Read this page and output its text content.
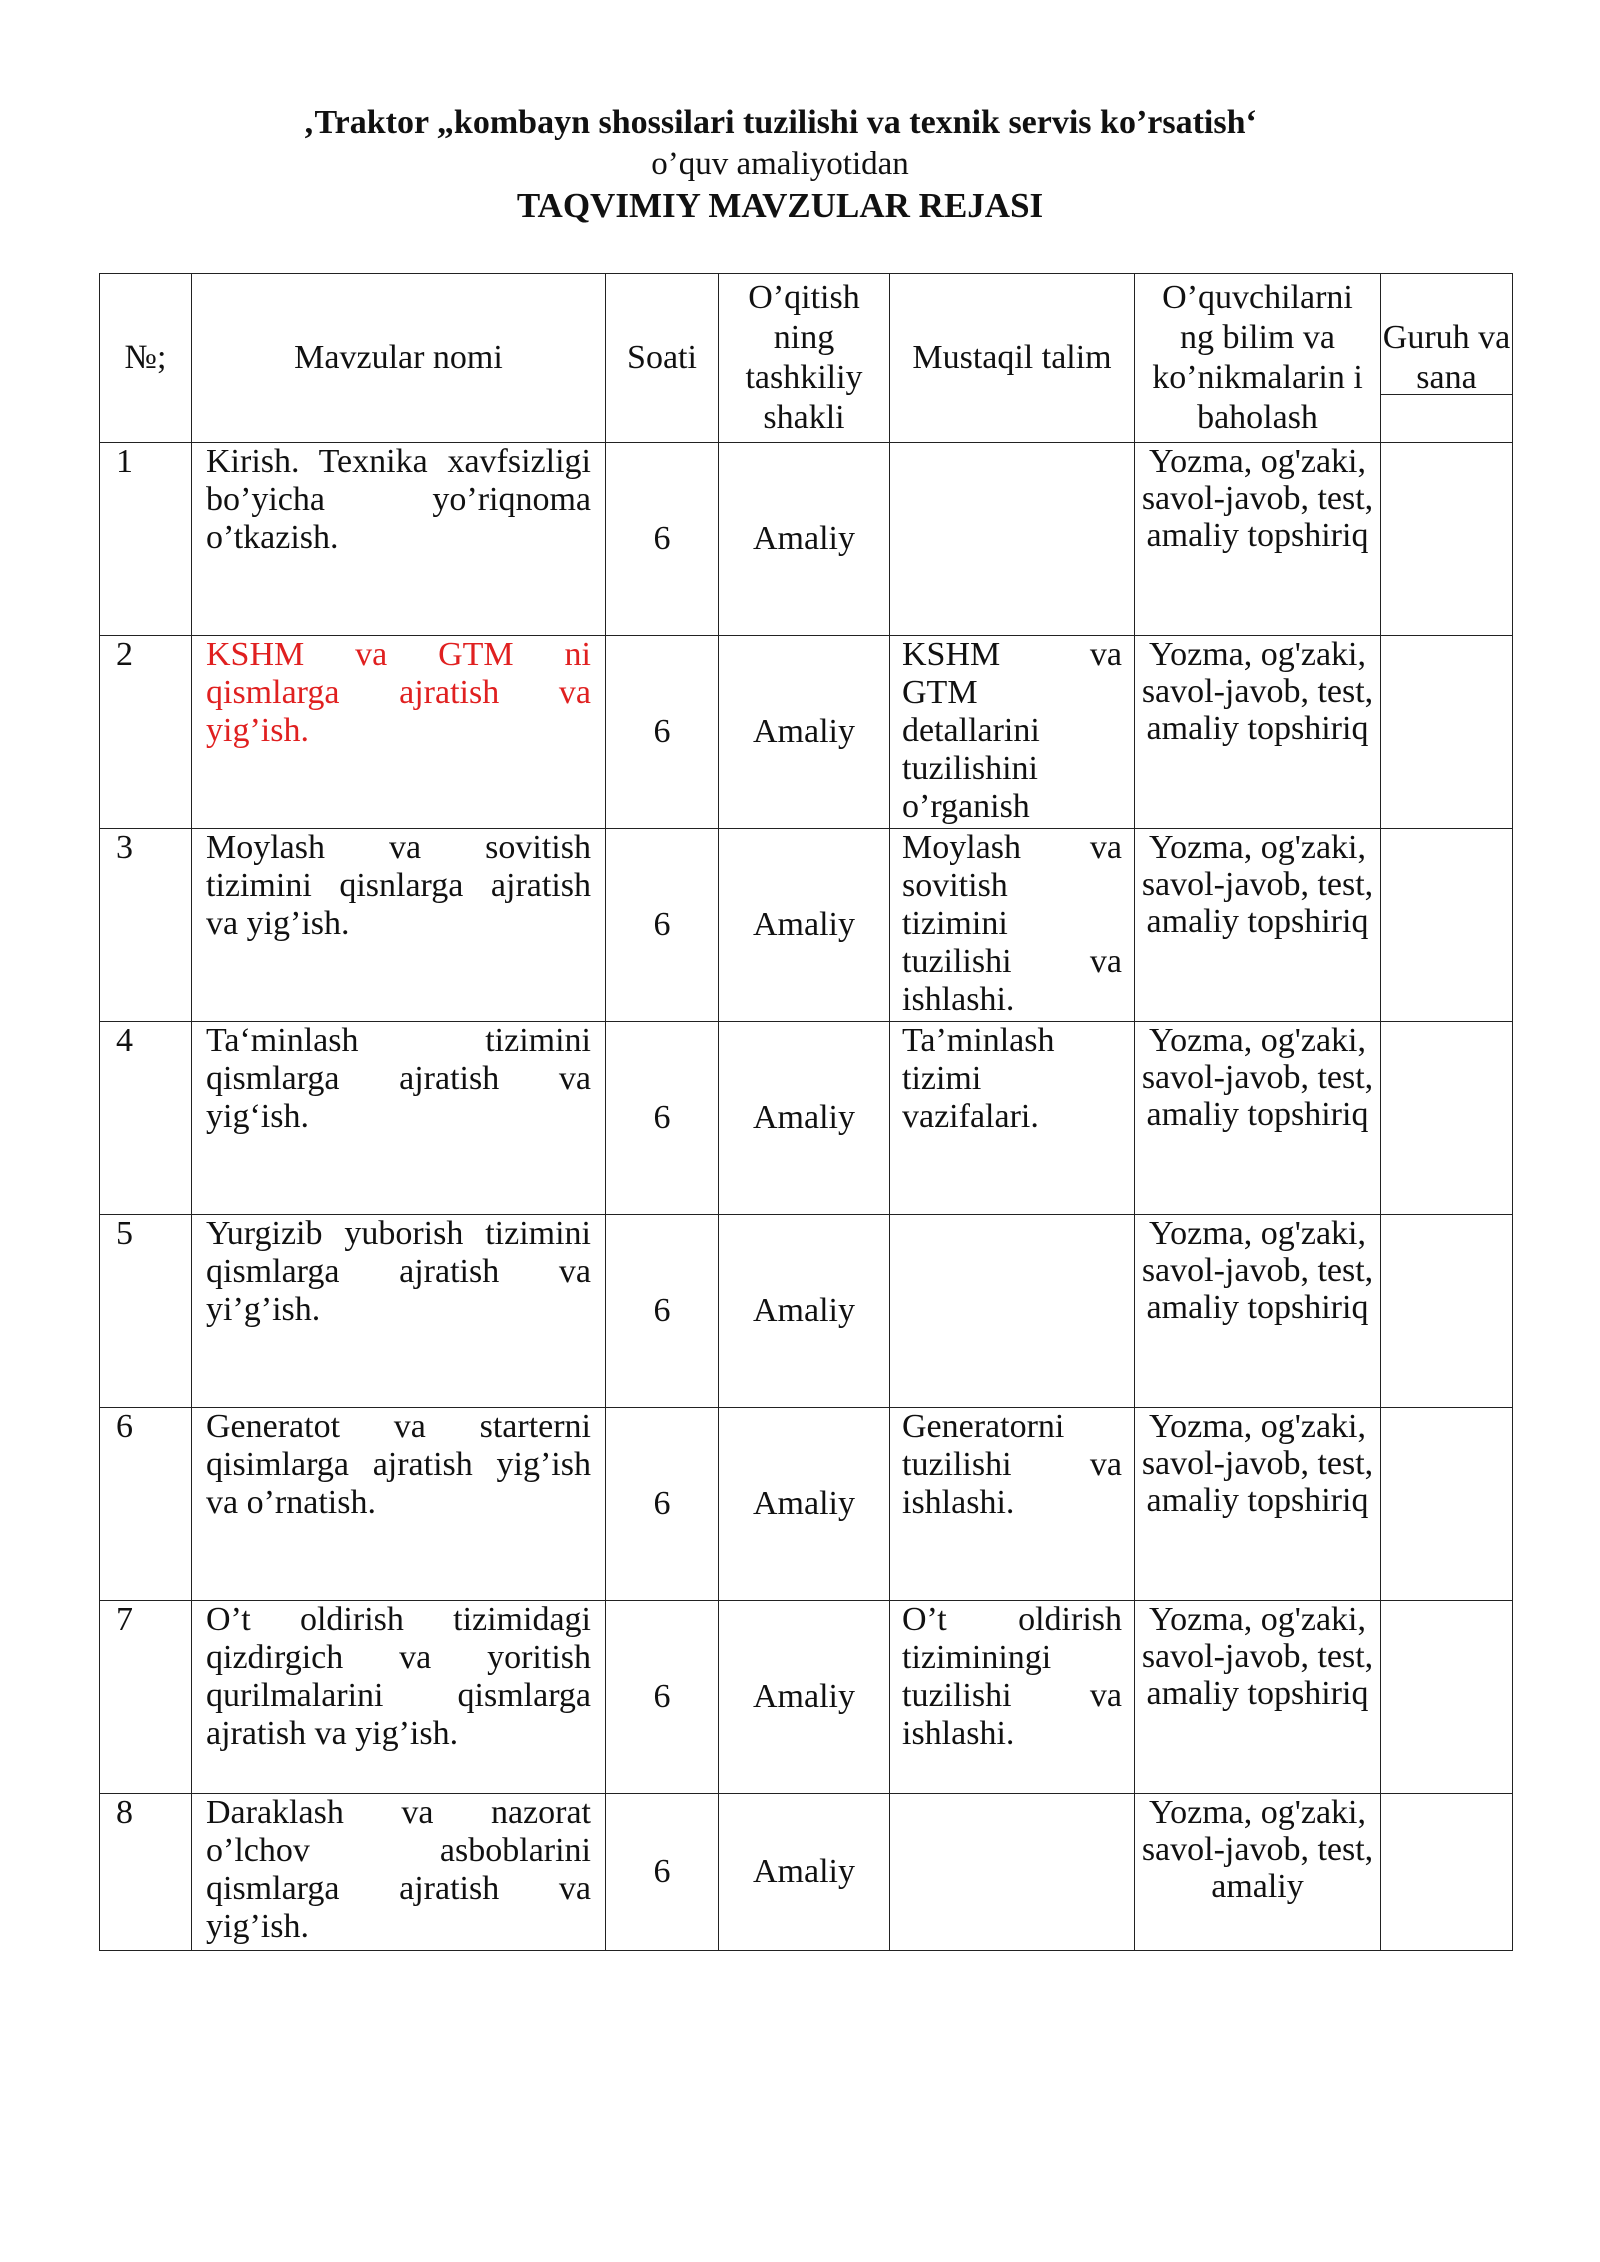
‚Traktor „kombayn shossilari tuzilishi va texnik servis ko’rsatish‘
o’quv amaliyotidan
TAQVIMIY MAVZULAR REJASI
№;	Mavzular nomi	Soati	O’qitish ning tashkiliy shakli	Mustaqil talim	O’quvchilarni ng bilim va ko’nikmalarin i baholash	Guruh va sana

1	Kirish. Texnika xavfsizligi bo’yicha yo’riqnoma o’tkazish.	6	Amaliy		Yozma, og'zaki, savol-javob, test, amaliy topshiriq	
2	KSHM va GTM ni qismlarga ajratish va yig’ish.	6	Amaliy	KSHM va GTM detallarini tuzilishini o’rganish	Yozma, og'zaki, savol-javob, test, amaliy topshiriq	
3	Moylash va sovitish tizimini qisnlarga ajratish va yig’ish.	6	Amaliy	Moylash va sovitish tizimini tuzilishi va ishlashi.	Yozma, og'zaki, savol-javob, test, amaliy topshiriq	
4	Ta‘minlash tizimini qismlarga ajratish va yig‘ish.	6	Amaliy	Ta’minlash tizimi vazifalari.	Yozma, og'zaki, savol-javob, test, amaliy topshiriq	
5	Yurgizib yuborish tizimini qismlarga ajratish va yi’g’ish.	6	Amaliy		Yozma, og'zaki, savol-javob, test, amaliy topshiriq	
6	Generatot va starterni qisimlarga ajratish yig’ish va o’rnatish.	6	Amaliy	Generatorni tuzilishi va ishlashi.	Yozma, og'zaki, savol-javob, test, amaliy topshiriq	
7	O’t oldirish tizimidagi qizdirgich va yoritish qurilmalarini qismlarga ajratish va yig’ish.	6	Amaliy	O’t oldirish tiziminingi tuzilishi va ishlashi.	Yozma, og'zaki, savol-javob, test, amaliy topshiriq	
8	Daraklash va nazorat o’lchov asboblarini qismlarga ajratish va yig’ish.	6	Amaliy		Yozma, og'zaki, savol-javob, test, amaliy	
